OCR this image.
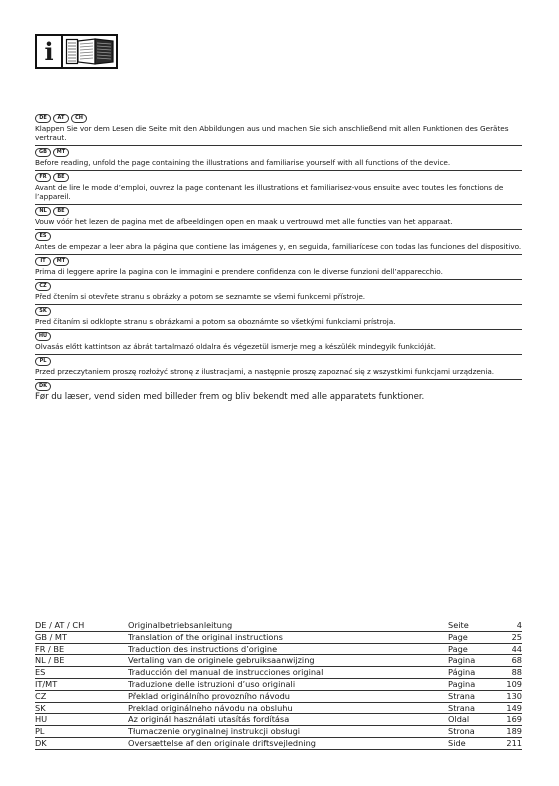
i
DE	AT	CH
Klappen Sie vor dem Lesen die Seite mit den Abbildungen aus und machen Sie sich anschließend mit allen Funktionen des Gerätes vertraut.
GB	MT
Before reading, unfold the page containing the illustrations and familiarise yourself with all functions of the device.
FR	BE
Avant de lire le mode d’emploi, ouvrez la page contenant les illustrations et familiarisez-vous ensuite avec toutes les fonctions de l’appareil.
NL	BE
Vouw vóór het lezen de pagina met de afbeeldingen open en maak u vertrouwd met alle functies van het apparaat.
ES
Antes de empezar a leer abra la página que contiene las imágenes y, en seguida, familiarícese con todas las funciones del dispositivo.
IT	MT
Prima di leggere aprire la pagina con le immagini e prendere confidenza con le diverse funzioni dell’apparecchio.
CZ
Před čtením si otevřete stranu s obrázky a potom se seznamte se všemi funkcemi přístroje.
SK
Pred čítaním si odklopte stranu s obrázkami a potom sa oboznámte so všetkými funkciami prístroja.
HU
Olvasás előtt kattintson az ábrát tartalmazó oldalra és végezetül ismerje meg a készülék mindegyik funkcióját.
PL
Przed przeczytaniem proszę rozłożyć stronę z ilustracjami, a następnie proszę zapoznać się z wszystkimi funkcjami urządzenia.
DK
Før du læser, vend siden med billeder frem og bliv bekendt med alle apparatets funktioner.
DE / AT / CH	Originalbetriebsanleitung	Seite	4
GB / MT	Translation of the original instructions	Page	25
FR / BE	Traduction des instructions d’origine	Page	44
NL / BE	Vertaling van de originele gebruiksaanwijzing	Pagina	68
ES	Traducción del manual de instrucciones original	Página	88
IT/MT	Traduzione delle istruzioni d’uso originali	Pagina	109
CZ	Překlad originálního provozního návodu	Strana	130
SK	Preklad originálneho návodu na obsluhu	Strana	149
HU	Az originál használati utasítás fordítása	Oldal	169
PL	Tłumaczenie oryginalnej instrukcji obsługi	Strona	189
DK	Oversættelse af den originale driftsvejledning	Side	211
